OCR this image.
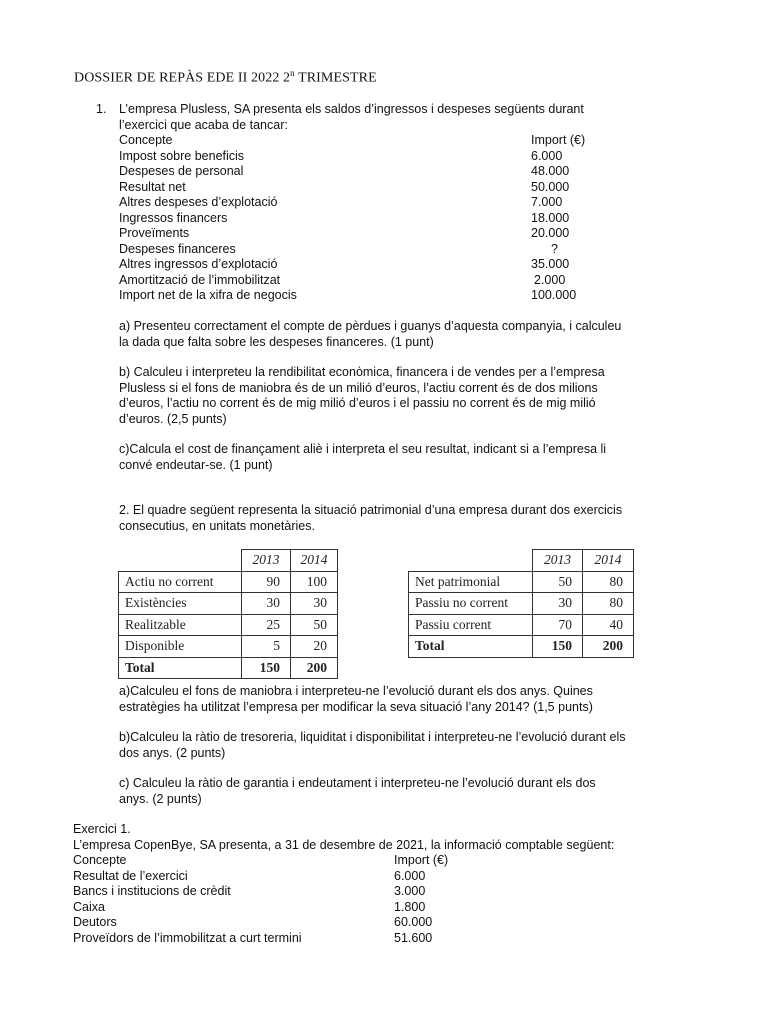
DOSSIER DE REPÀS EDE II 2022 2$^n$ TRIMESTRE
1. L’empresa Plusless, SA presenta els saldos d’ingressos i despeses següents durant
l’exercici que acaba de tancar:
Concepte	Import (€)
Impost sobre beneficis	6.000
Despeses de personal	48.000
Resultat net	50.000
Altres despeses d’explotació	7.000
Ingressos financers	18.000
Proveïments	20.000
Despeses financeres	?
Altres ingressos d’explotació	35.000
Amortització de l’immobilitzat	2.000
Import net de la xifra de negocis	100.000
a) Presenteu correctament el compte de pèrdues i guanys d’aquesta companyia, i calculeu
la dada que falta sobre les despeses financeres. (1 punt)
b) Calculeu i interpreteu la rendibilitat econòmica, financera i de vendes per a l’empresa
Plusless si el fons de maniobra és de un milió d’euros, l’actiu corrent és de dos milions
d’euros, l’actiu no corrent és de mig milió d’euros i el passiu no corrent és de mig milió
d’euros. (2,5 punts)
c)Calcula el cost de finançament aliè i interpreta el seu resultat, indicant si a l’empresa li
convé endeutar-se. (1 punt)
2. El quadre següent representa la situació patrimonial d’una empresa durant dos exercicis
consecutius, en unitats monetàries.
	2013	2014
Actiu no corrent	90	100
Existències	30	30
Realitzable	25	50
Disponible	5	20
Total	150	200
	2013	2014
Net patrimonial	50	80
Passiu no corrent	30	80
Passiu corrent	70	40
Total	150	200
a)Calculeu el fons de maniobra i interpreteu-ne l’evolució durant els dos anys. Quines
estratègies ha utilitzat l’empresa per modificar la seva situació l’any 2014? (1,5 punts)
b)Calculeu la ràtio de tresoreria, liquiditat i disponibilitat i interpreteu-ne l’evolució durant els
dos anys. (2 punts)
c) Calculeu la ràtio de garantia i endeutament i interpreteu-ne l’evolució durant els dos
anys. (2 punts)
Exercici 1.
L’empresa CopenBye, SA presenta, a 31 de desembre de 2021, la informació comptable següent:
Concepte	Import (€)
Resultat de l’exercici	6.000
Bancs i institucions de crèdit	3.000
Caixa	1.800
Deutors	60.000
Proveïdors de l’immobilitzat a curt termini	51.600
